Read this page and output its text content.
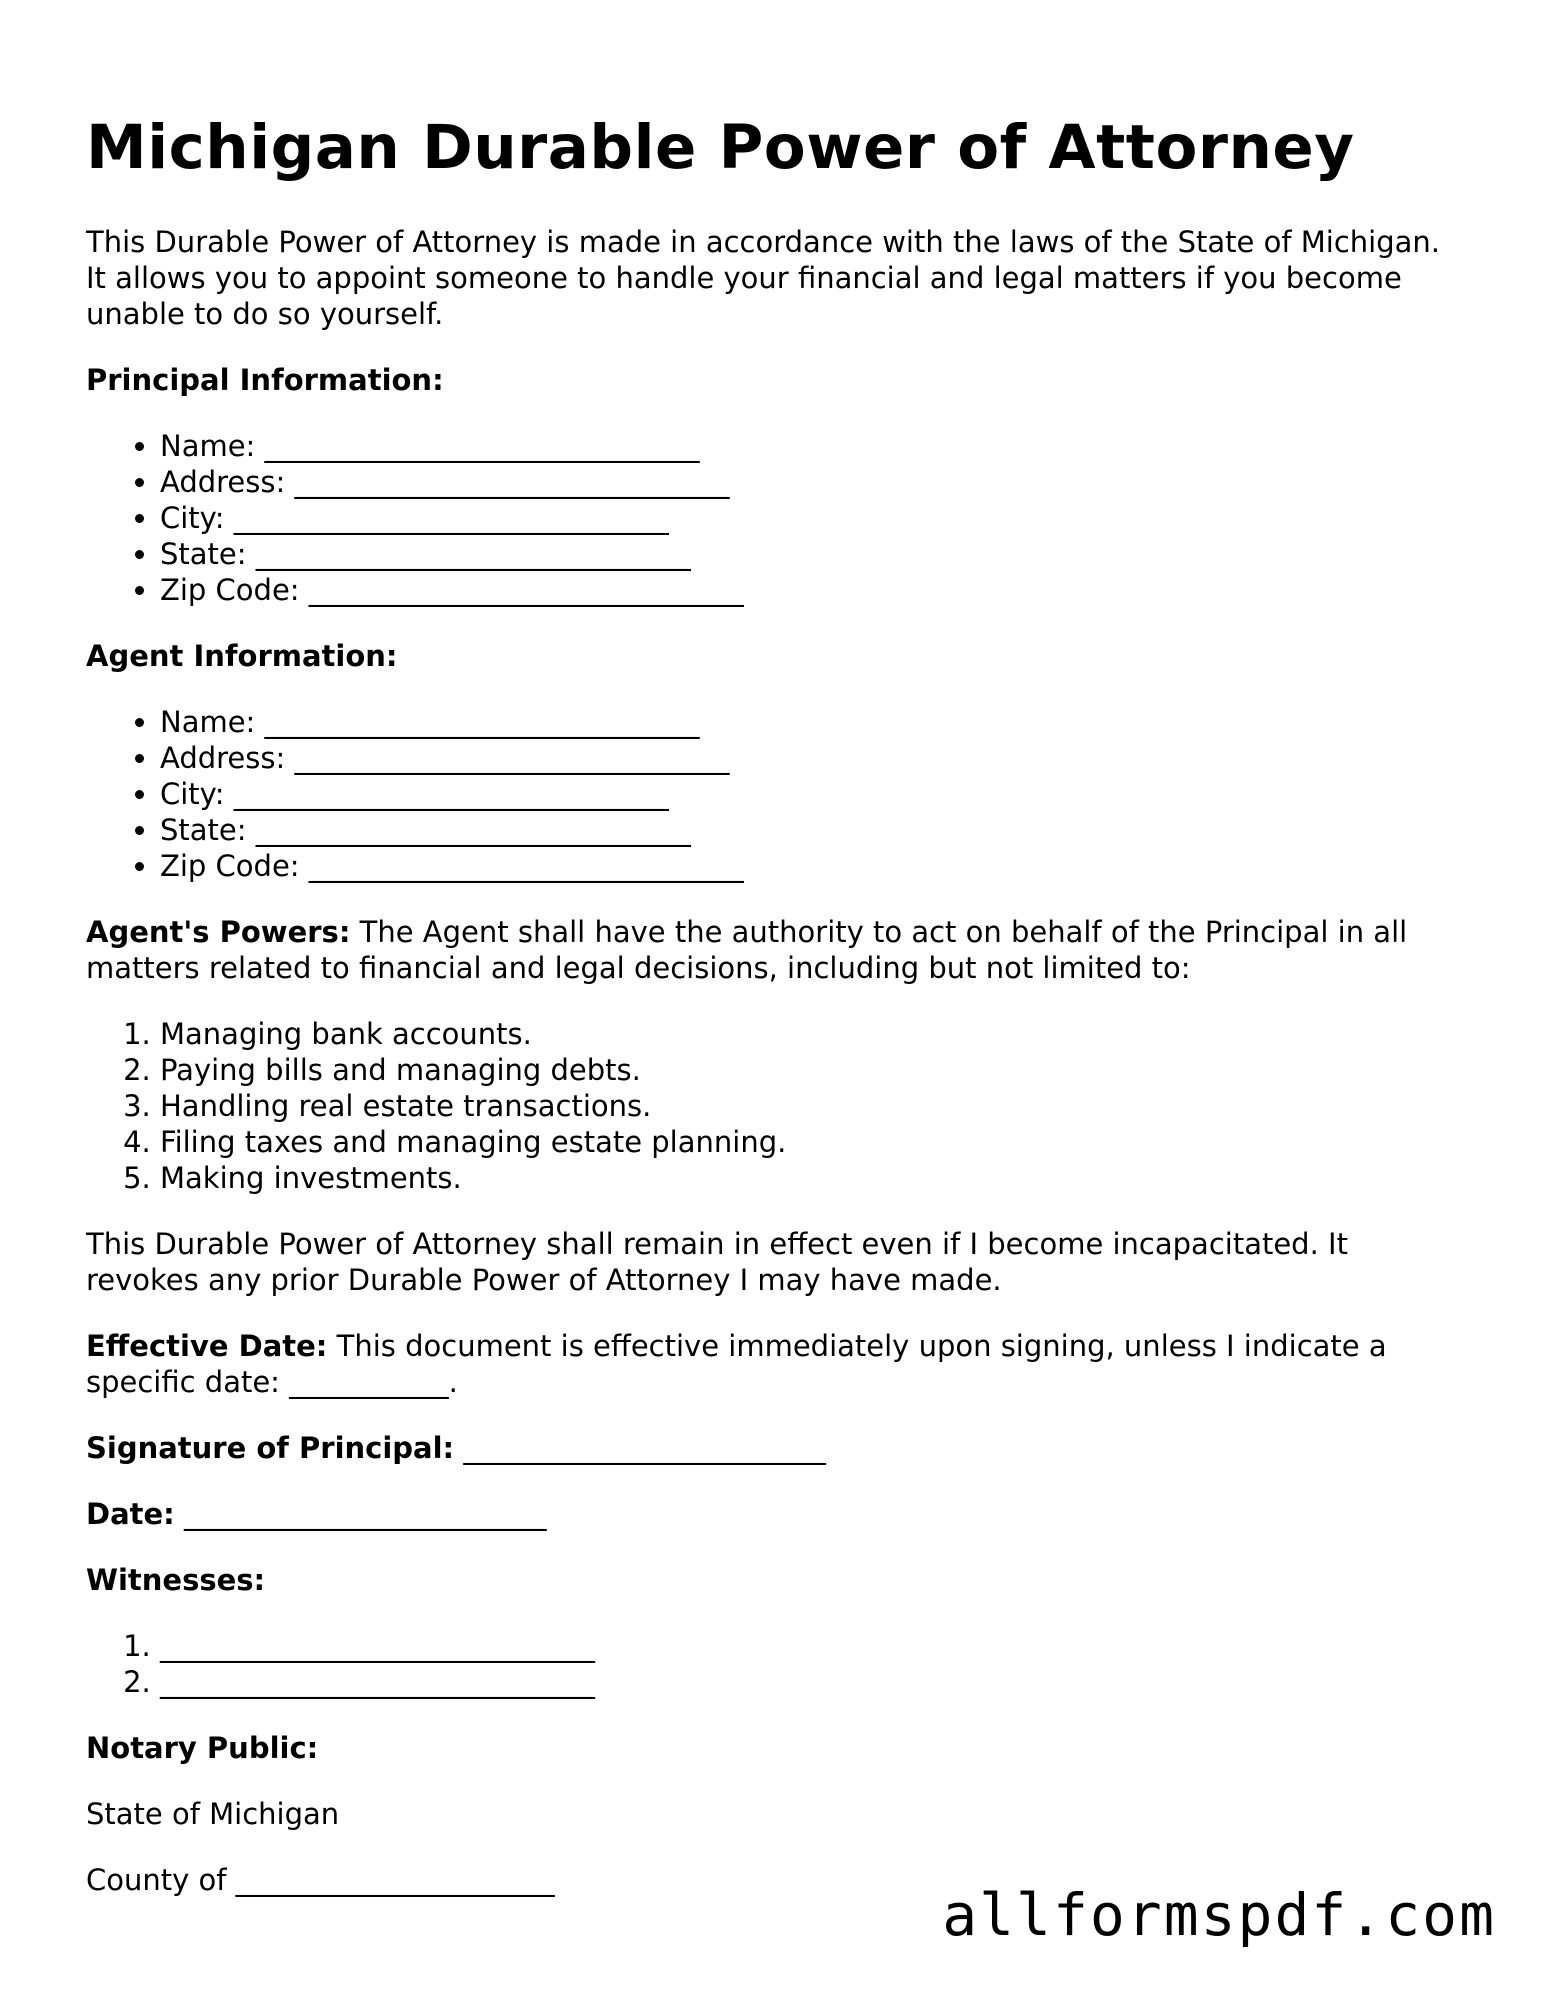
Michigan Durable Power of Attorney

This Durable Power of Attorney is made in accordance with the laws of the State of Michigan. It allows you to appoint someone to handle your financial and legal matters if you become unable to do so yourself.

Principal Information:

• Name: ______________________________
• Address: ______________________________
• City: ______________________________
• State: ______________________________
• Zip Code: ______________________________

Agent Information:

• Name: ______________________________
• Address: ______________________________
• City: ______________________________
• State: ______________________________
• Zip Code: ______________________________

Agent's Powers: The Agent shall have the authority to act on behalf of the Principal in all matters related to financial and legal decisions, including but not limited to:

1. Managing bank accounts.
2. Paying bills and managing debts.
3. Handling real estate transactions.
4. Filing taxes and managing estate planning.
5. Making investments.

This Durable Power of Attorney shall remain in effect even if I become incapacitated. It revokes any prior Durable Power of Attorney I may have made.

Effective Date: This document is effective immediately upon signing, unless I indicate a specific date: ___________.

Signature of Principal: _________________________

Date: _________________________

Witnesses:

1. ______________________________
2. ______________________________

Notary Public:

State of Michigan

County of ______________________

allformspdf.com
